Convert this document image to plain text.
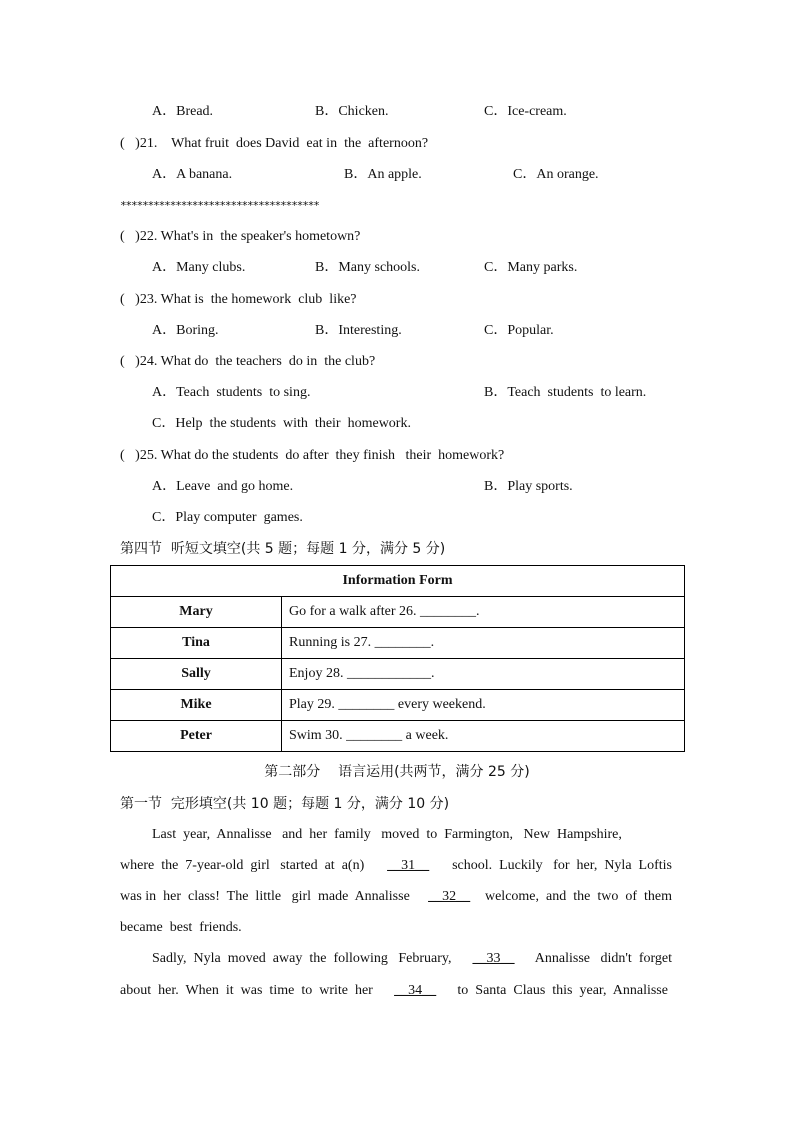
A．Bread.	B．Chicken.	C．Ice-cream.
(   )21.    What fruit  does David  eat in  the  afternoon?
A．A banana.	B．An apple.	C．An orange.
************************************
(   )22. What's in  the speaker's hometown?
A．Many clubs.	B．Many schools.	C．Many parks.
(   )23. What is  the homework  club  like?
A．Boring.	B．Interesting.	C．Popular.
(   )24. What do  the teachers  do in  the club?
A．Teach  students  to sing.	B．Teach  students  to learn.
C．Help  the students  with  their  homework.
(   )25. What do the students  do after  they finish   their  homework?
A．Leave  and go home.	B．Play sports.
C．Play computer  games.
第四节  听短文填空(共 5 题；每题 1 分，满分 5 分)
Information Form	
Mary	Go for a walk after 26. ________.
Tina	Running is 27. ________.
Sally	Enjoy 28. ____________.
Mike	Play 29. ________ every weekend.
Peter	Swim 30. ________ a week.
第二部分    语言运用(共两节，满分 25 分)
第一节  完形填空(共 10 题；每题 1 分，满分 10 分)
Last  year,  Annalisse   and  her  family   moved  to  Farmington,   New  Hampshire,
where  the  7-year-old  girl   started  at  a(n) __31__ school.  Luckily   for  her,  Nyla  Loftis
was in  her  class!  The  little   girl  made  Annalisse __32__ welcome,  and  the  two  of  them
became  best  friends.
Sadly,  Nyla  moved  away  the  following   February, __33__ Annalisse   didn't  forget
about  her.  When  it  was  time  to  write  her __34__ to  Santa  Claus  this  year,  Annalisse
